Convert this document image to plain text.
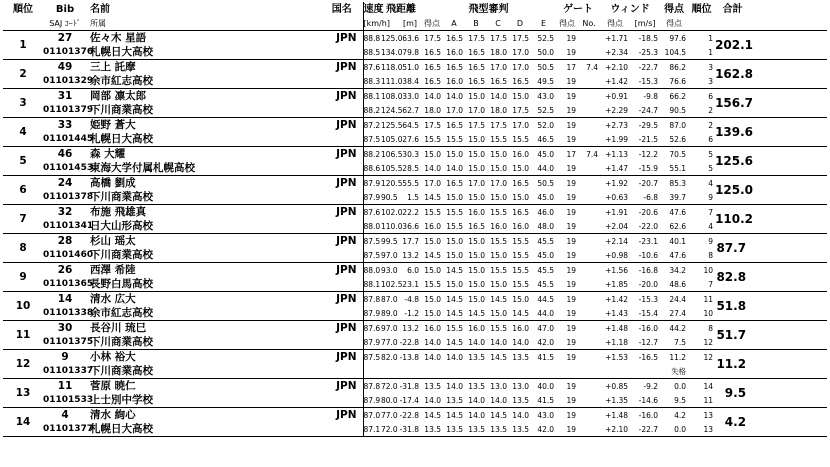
順位	Bib	名前	国名	速度	飛距離		飛型審判						ゲート		ウィンド		得点	順位	合計	
	SAJ ｺｰﾄﾞ	所属		[km/h]		[m]	得点	A	B	C	D	E	得点	No.	得点	[m/s]	得点			
1	27	佐々木 星語	JPN	88.8	125.0	63.6	17.5	16.5	17.5	17.5	17.5	52.5	19		+1.71	-18.5	97.6	1	202.1	
	01101376	札幌日大高校		88.5	134.0	79.8	16.5	16.0	16.5	18.0	17.0	50.0	19		+2.34	-25.3	104.5	1		
2	49	三上 託摩	JPN	87.6	118.0	51.0	16.5	16.5	16.5	17.0	17.0	50.5	17	7.4	+2.10	-22.7	86.2	3	162.8	
	01101329	余市紅志高校		88.3	111.0	38.4	16.5	16.0	16.5	16.5	16.5	49.5	19		+1.42	-15.3	76.6	3		
3	31	岡部 凛太郎	JPN	88.1	108.0	33.0	14.0	14.0	15.0	14.0	15.0	43.0	19		+0.91	-9.8	66.2	6	156.7	
	01101379	下川商業高校		88.2	124.5	62.7	18.0	17.0	17.0	18.0	17.5	52.5	19		+2.29	-24.7	90.5	2		
4	33	姫野 蒼大	JPN	87.2	125.5	64.5	17.5	16.5	17.5	17.5	17.0	52.0	19		+2.73	-29.5	87.0	2	139.6	
	01101445	札幌日大高校		87.5	105.0	27.6	15.5	15.5	15.0	15.5	15.5	46.5	19		+1.99	-21.5	52.6	6		
5	46	森 大耀	JPN	88.2	106.5	30.3	15.0	15.0	15.0	15.0	16.0	45.0	17	7.4	+1.13	-12.2	70.5	5	125.6	
	01101453	東海大学付属札幌高校		88.6	105.5	28.5	14.0	14.0	15.0	15.0	15.0	44.0	19		+1.47	-15.9	55.1	5		
6	24	高橋 劉成	JPN	87.9	120.5	55.5	17.0	16.5	17.0	17.0	16.5	50.5	19		+1.92	-20.7	85.3	4	125.0	
	01101378	下川商業高校		87.9	90.5	1.5	14.5	15.0	15.0	15.0	15.0	45.0	19		+0.63	-6.8	39.7	9		
7	32	布施 飛雄真	JPN	87.6	102.0	22.2	15.5	15.5	16.0	15.5	16.5	46.0	19		+1.91	-20.6	47.6	7	110.2	
	01101341	日大山形高校		88.0	110.0	36.6	16.0	15.5	16.5	16.0	16.0	48.0	19		+2.04	-22.0	62.6	4		
8	28	杉山 瑶太	JPN	87.5	99.5	17.7	15.0	15.0	15.0	15.5	15.5	45.5	19		+2.14	-23.1	40.1	9	87.7	
	01101460	下川商業高校		87.5	97.0	13.2	14.5	15.0	15.0	15.0	15.5	45.0	19		+0.98	-10.6	47.6	8		
9	26	西澤 希陸	JPN	88.0	93.0	6.0	15.0	14.5	15.0	15.5	15.5	45.5	19		+1.56	-16.8	34.2	10	82.8	
	01101365	長野白馬高校		88.1	102.5	23.1	15.5	15.0	15.0	15.0	15.5	45.5	19		+1.85	-20.0	48.6	7		
10	14	清水 広大	JPN	87.8	87.0	-4.8	15.0	14.5	15.0	14.5	15.0	44.5	19		+1.42	-15.3	24.4	11	51.8	
	01101338	余市紅志高校		87.9	89.0	-1.2	15.0	14.5	14.5	15.0	14.5	44.0	19		+1.43	-15.4	27.4	10		
11	30	長谷川 琉巳	JPN	87.6	97.0	13.2	16.0	15.5	16.0	15.5	16.0	47.0	19		+1.48	-16.0	44.2	8	51.7	
	01101375	下川商業高校		87.9	77.0	-22.8	14.0	14.5	14.0	14.0	14.0	42.0	19		+1.18	-12.7	7.5	12		
12	9	小林 裕大	JPN	87.5	82.0	-13.8	14.0	14.0	13.5	14.5	13.5	41.5	19		+1.53	-16.5	11.2	12	11.2	
	01101337	下川商業高校															失格			
13	11	菅原 暁仁	JPN	87.8	72.0	-31.8	13.5	14.0	13.5	13.0	13.0	40.0	19		+0.85	-9.2	0.0	14	9.5	
	01101533	上士別中学校		87.9	80.0	-17.4	14.0	13.5	14.0	14.0	13.5	41.5	19		+1.35	-14.6	9.5	11		
14	4	清水 絢心	JPN	87.0	77.0	-22.8	14.5	14.5	14.0	14.5	14.0	43.0	19		+1.48	-16.0	4.2	13	4.2	
	01101377	札幌日大高校		87.1	72.0	-31.8	13.5	13.5	13.5	13.5	13.5	42.0	19		+2.10	-22.7	0.0	13		
